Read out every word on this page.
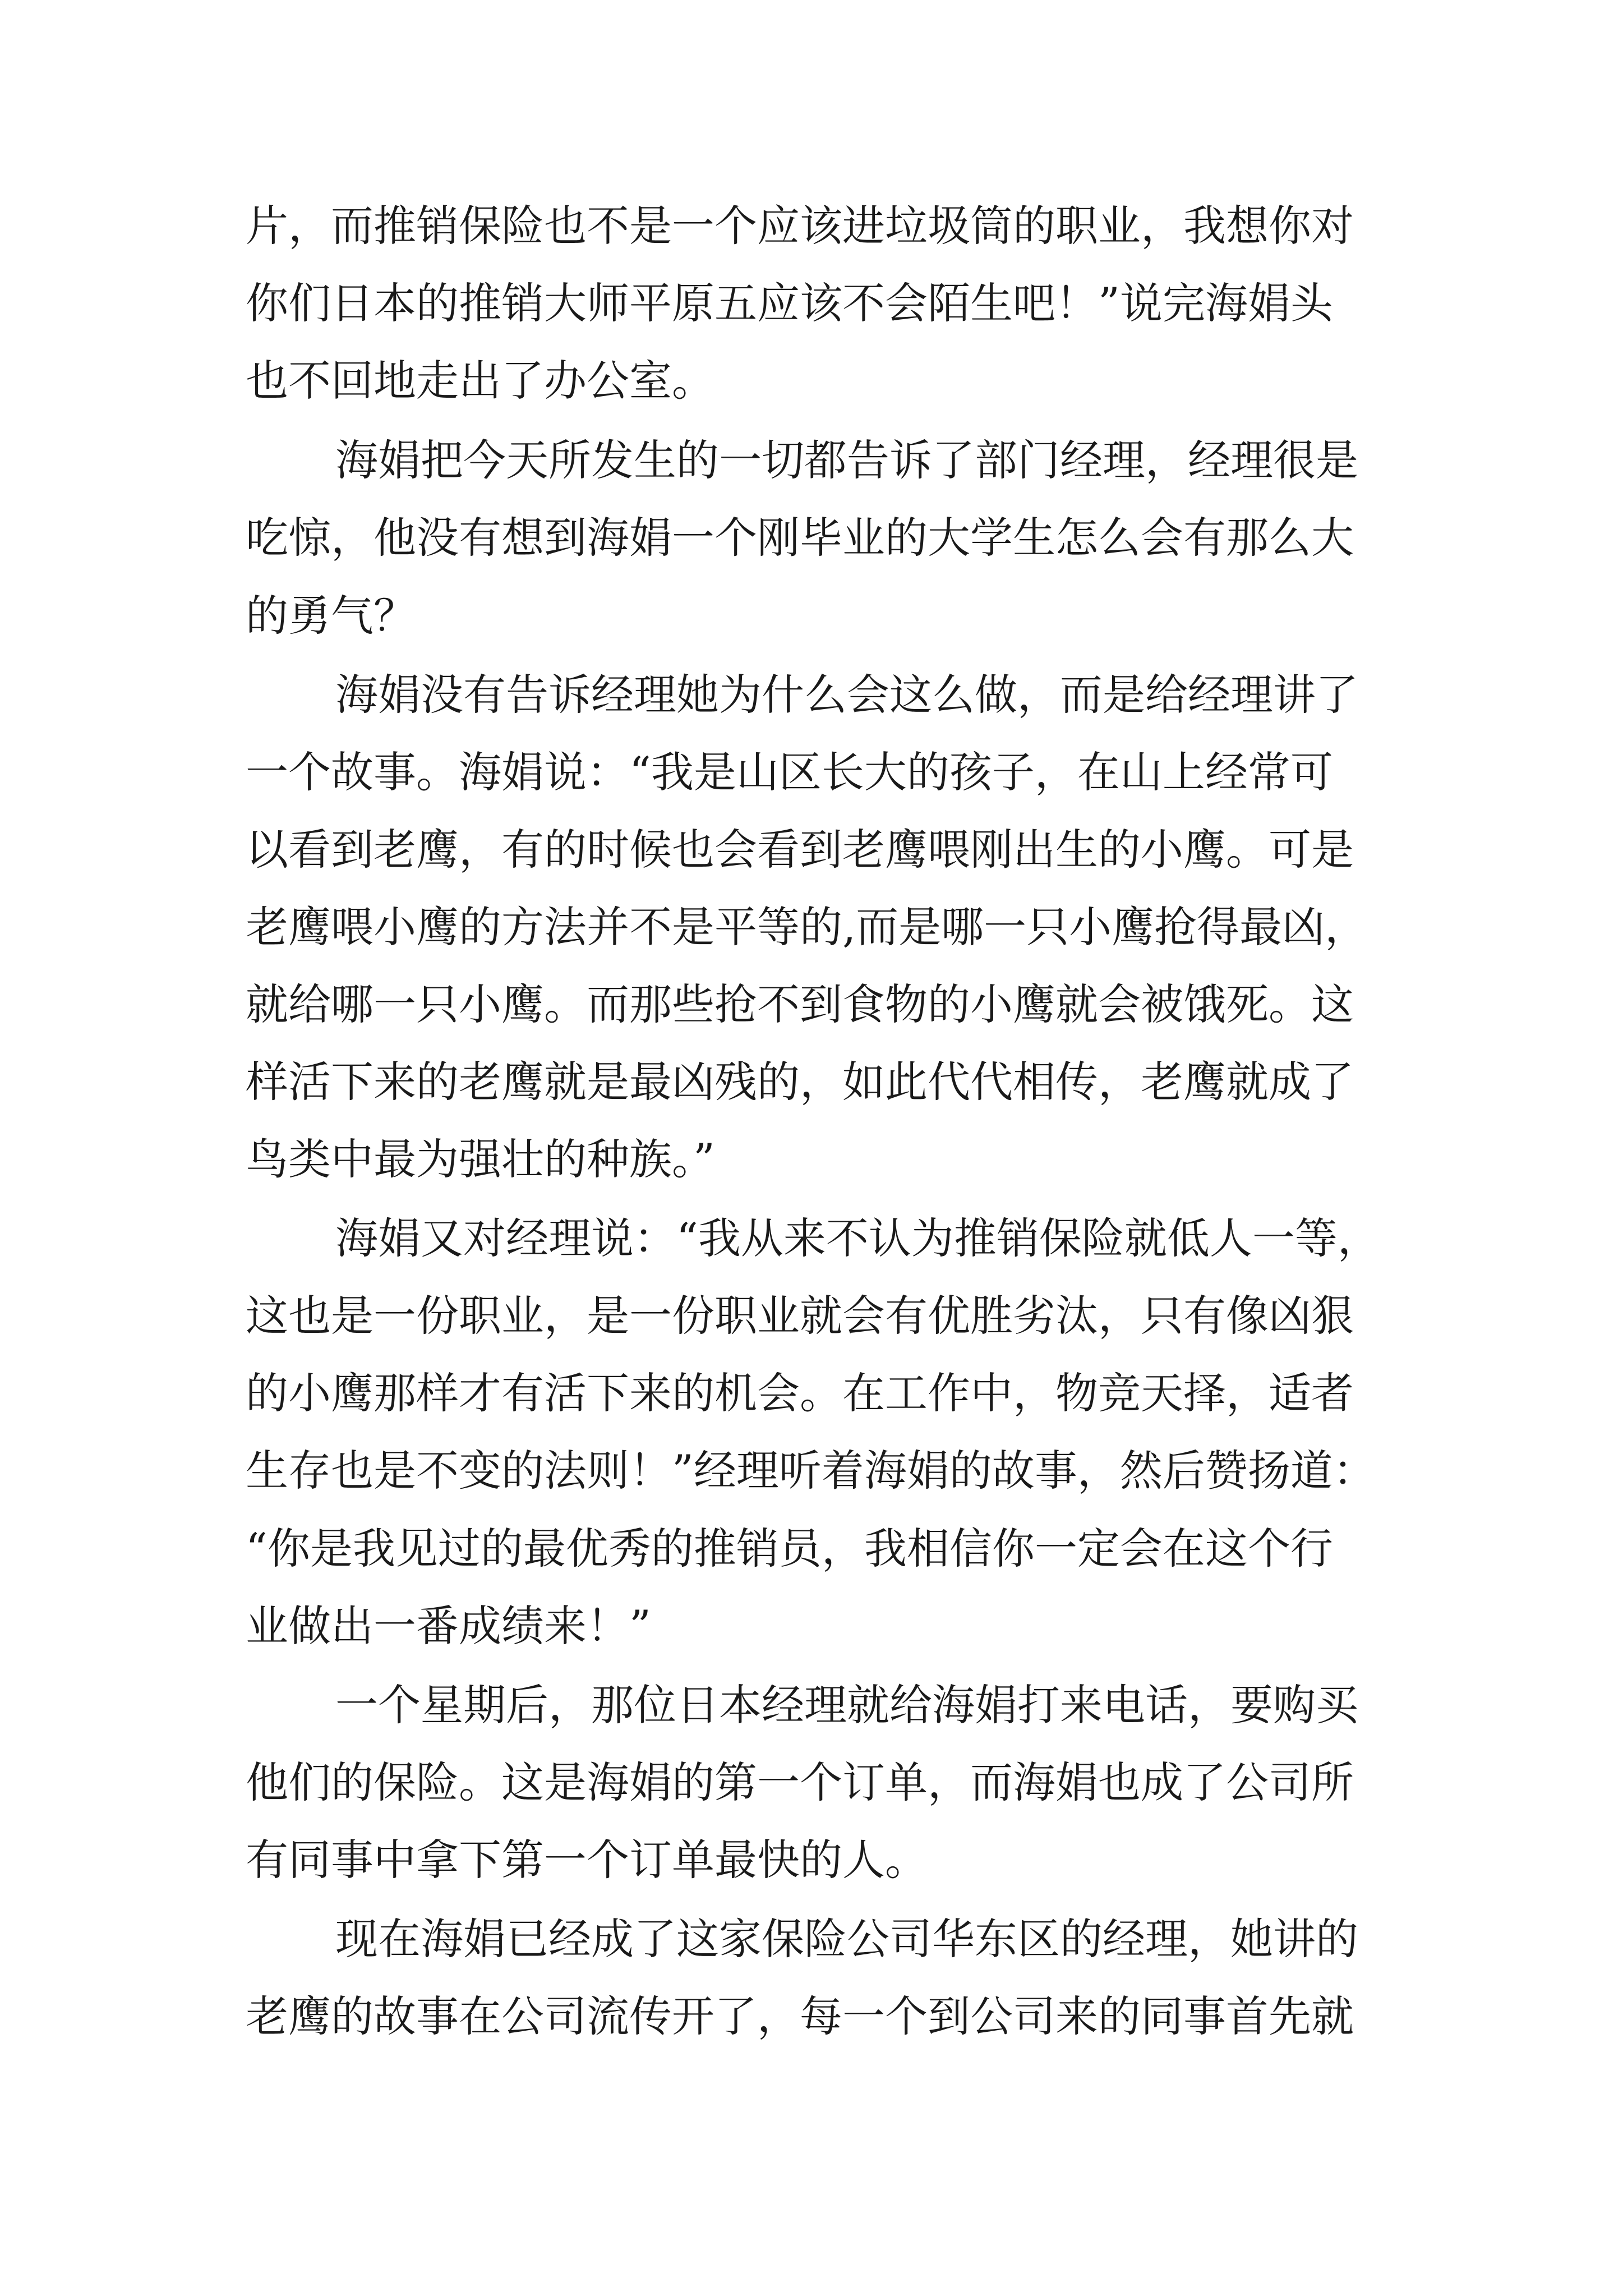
片，而推销保险也不是一个应该进垃圾筒的职业，我想你对
你们日本的推销大师平原五应该不会陌生吧！”说完海娟头
也不回地走出了办公室。
海娟把今天所发生的一切都告诉了部门经理，经理很是
吃惊，他没有想到海娟一个刚毕业的大学生怎么会有那么大
的勇气？
海娟没有告诉经理她为什么会这么做，而是给经理讲了
一个故事。海娟说：“我是山区长大的孩子，在山上经常可
以看到老鹰，有的时候也会看到老鹰喂刚出生的小鹰。可是
老鹰喂小鹰的方法并不是平等的,而是哪一只小鹰抢得最凶，
就给哪一只小鹰。而那些抢不到食物的小鹰就会被饿死。这
样活下来的老鹰就是最凶残的，如此代代相传，老鹰就成了
鸟类中最为强壮的种族。”
海娟又对经理说：“我从来不认为推销保险就低人一等，
这也是一份职业，是一份职业就会有优胜劣汰，只有像凶狠
的小鹰那样才有活下来的机会。在工作中，物竞天择，适者
生存也是不变的法则！”经理听着海娟的故事，然后赞扬道：
“你是我见过的最优秀的推销员，我相信你一定会在这个行
业做出一番成绩来！”
一个星期后，那位日本经理就给海娟打来电话，要购买
他们的保险。这是海娟的第一个订单，而海娟也成了公司所
有同事中拿下第一个订单最快的人。
现在海娟已经成了这家保险公司华东区的经理，她讲的
老鹰的故事在公司流传开了，每一个到公司来的同事首先就
